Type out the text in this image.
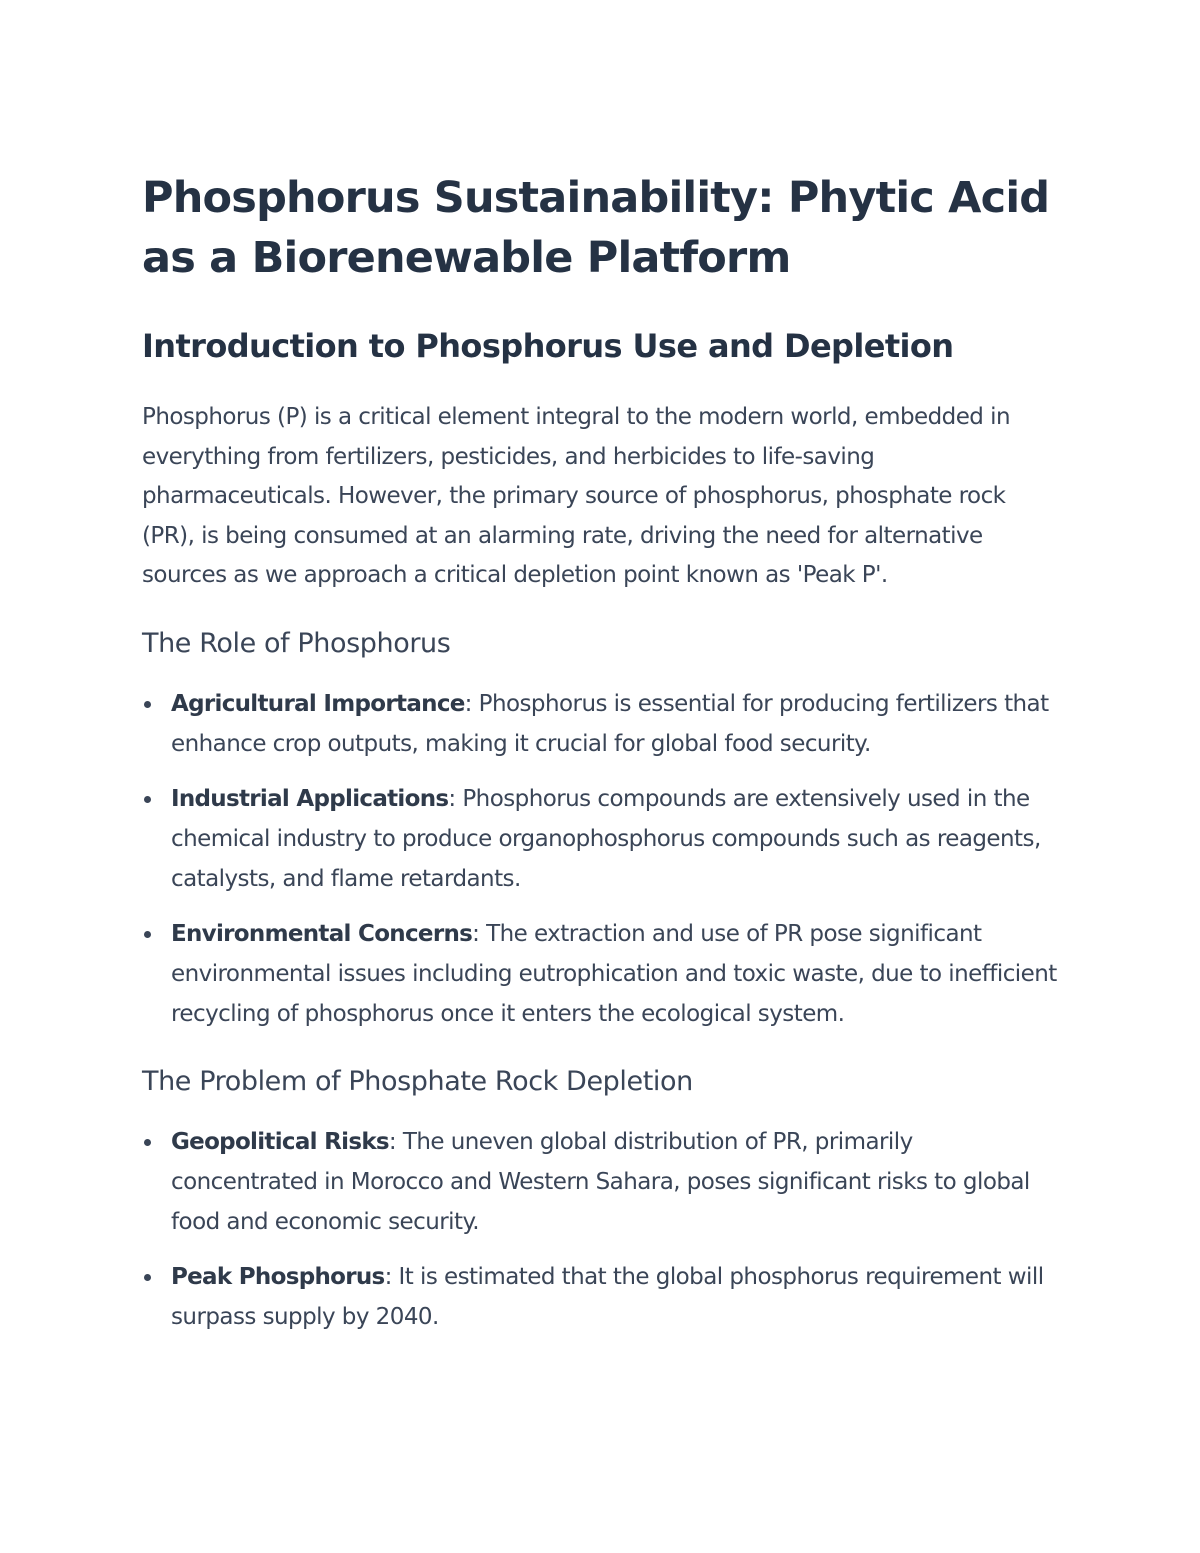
Phosphorus Sustainability: Phytic Acid as a Biorenewable Platform
Introduction to Phosphorus Use and Depletion

Phosphorus (P) is a critical element integral to the modern world, embedded in everything from fertilizers, pesticides, and herbicides to life-saving pharmaceuticals. However, the primary source of phosphorus, phosphate rock (PR), is being consumed at an alarming rate, driving the need for alternative sources as we approach a critical depletion point known as 'Peak P'.

The Role of Phosphorus
Agricultural Importance: Phosphorus is essential for producing fertilizers that enhance crop outputs, making it crucial for global food security.
Industrial Applications: Phosphorus compounds are extensively used in the chemical industry to produce organophosphorus compounds such as reagents, catalysts, and flame retardants.
Environmental Concerns: The extraction and use of PR pose significant environmental issues including eutrophication and toxic waste, due to inefficient recycling of phosphorus once it enters the ecological system.
The Problem of Phosphate Rock Depletion
Geopolitical Risks: The uneven global distribution of PR, primarily concentrated in Morocco and Western Sahara, poses significant risks to global food and economic security.
Peak Phosphorus: It is estimated that the global phosphorus requirement will surpass supply by 2040.
